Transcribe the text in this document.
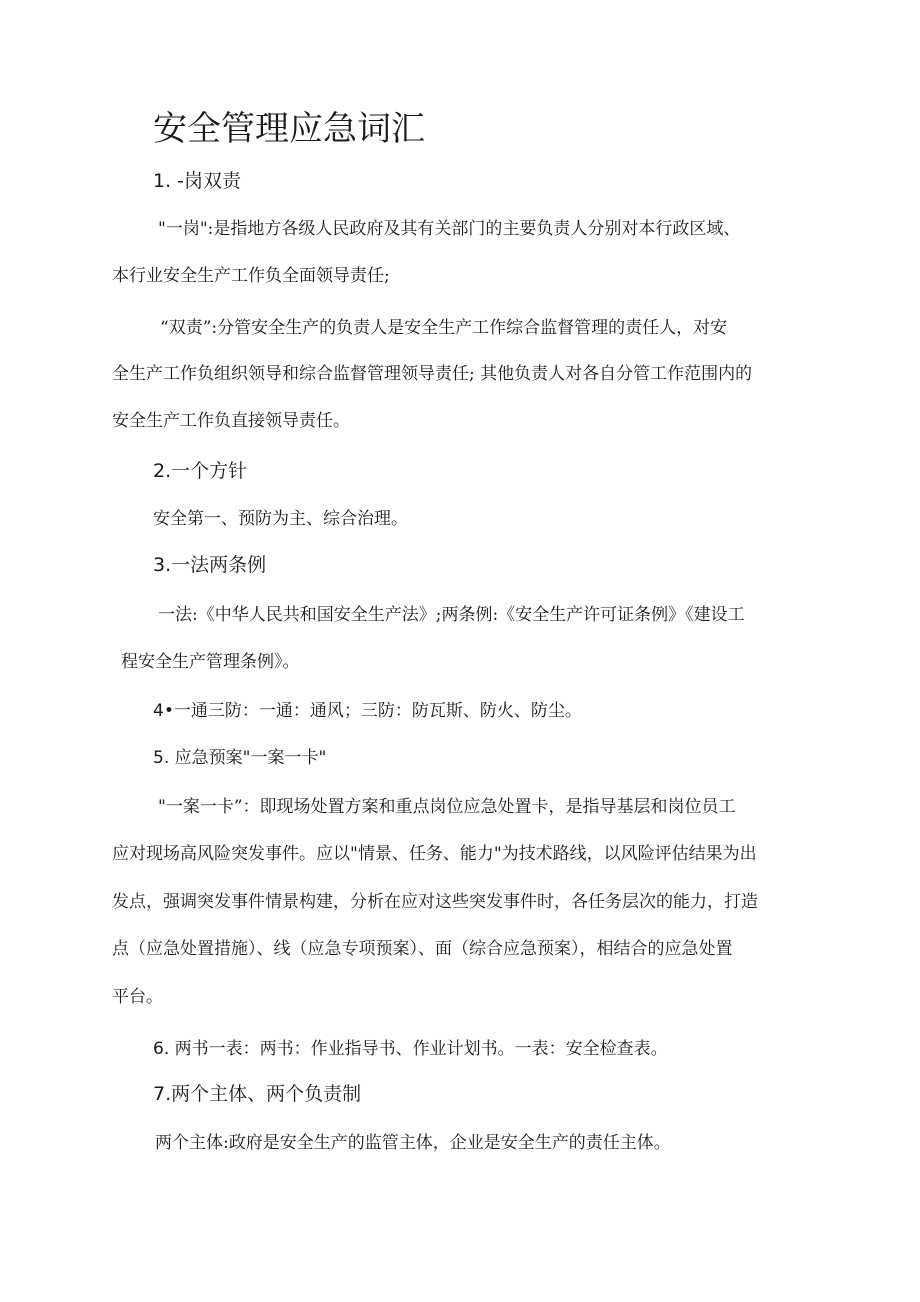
安全管理应急词汇
1. -岗双责
"一岗":是指地方各级人民政府及其有关部门的主要负责人分别对本行政区域、
本行业安全生产工作负全面领导责任;
“双责”:分管安全生产的负责人是安全生产工作综合监督管理的责任人，对安
全生产工作负组织领导和综合监督管理领导责任; 其他负责人对各自分管工作范围内的
安全生产工作负直接领导责任。
2.一个方针
安全第一、预防为主、综合治理。
3.一法两条例
一法:《中华人民共和国安全生产法》;两条例:《安全生产许可证条例》《建设工
程安全生产管理条例》。
4•一通三防：一通：通风；三防：防瓦斯、防火、防尘。
5. 应急预案"一案一卡"
"一案一卡”：即现场处置方案和重点岗位应急处置卡，是指导基层和岗位员工
应对现场高风险突发事件。应以"情景、任务、能力"为技术路线，以风险评估结果为出
发点，强调突发事件情景构建，分析在应对这些突发事件时，各任务层次的能力，打造
点（应急处置措施）、线（应急专项预案）、面（综合应急预案），相结合的应急处置
平台。
6. 两书一表：两书：作业指导书、作业计划书。一表：安全检查表。
7.两个主体、两个负责制
两个主体:政府是安全生产的监管主体，企业是安全生产的责任主体。
